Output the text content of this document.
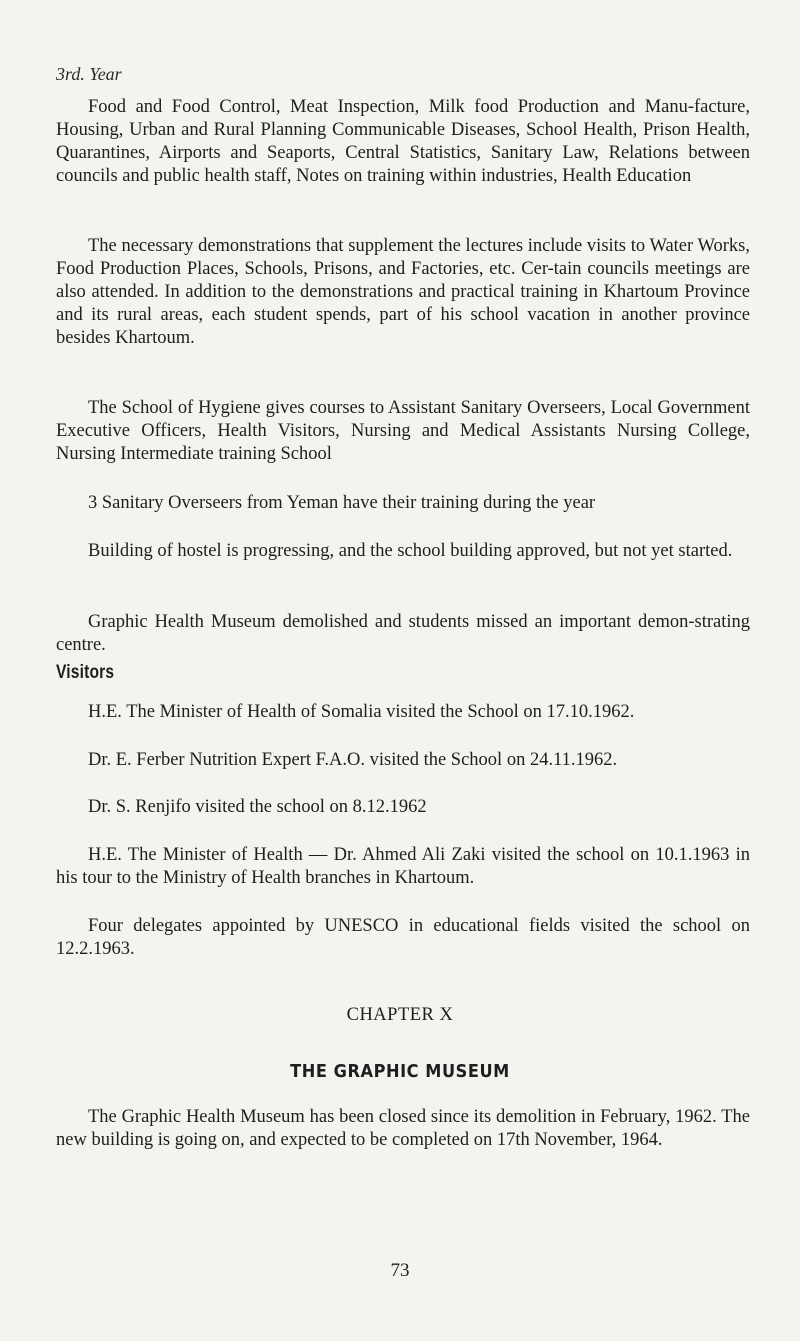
3rd. Year

Food and Food Control, Meat Inspection, Milk food Production and Manu-facture, Housing, Urban and Rural Planning Communicable Diseases, School Health, Prison Health, Quarantines, Airports and Seaports, Central Statistics, Sanitary Law, Relations between councils and public health staff, Notes on training within industries, Health Education

The necessary demonstrations that supplement the lectures include visits to Water Works, Food Production Places, Schools, Prisons, and Factories, etc. Cer-tain councils meetings are also attended. In addition to the demonstrations and practical training in Khartoum Province and its rural areas, each student spends, part of his school vacation in another province besides Khartoum.

The School of Hygiene gives courses to Assistant Sanitary Overseers, Local Government Executive Officers, Health Visitors, Nursing and Medical Assistants Nursing College, Nursing Intermediate training School

3 Sanitary Overseers from Yeman have their training during the year

Building of hostel is progressing, and the school building approved, but not yet started.

Graphic Health Museum demolished and students missed an important demon-strating centre.

Visitors

H.E. The Minister of Health of Somalia visited the School on 17.10.1962.

Dr. E. Ferber Nutrition Expert F.A.O. visited the School on 24.11.1962.

Dr. S. Renjifo visited the school on 8.12.1962

H.E. The Minister of Health — Dr. Ahmed Ali Zaki visited the school on 10.1.1963 in his tour to the Ministry of Health branches in Khartoum.

Four delegates appointed by UNESCO in educational fields visited the school on 12.2.1963.

CHAPTER X
THE GRAPHIC MUSEUM

The Graphic Health Museum has been closed since its demolition in February, 1962. The new building is going on, and expected to be completed on 17th November, 1964.

73
